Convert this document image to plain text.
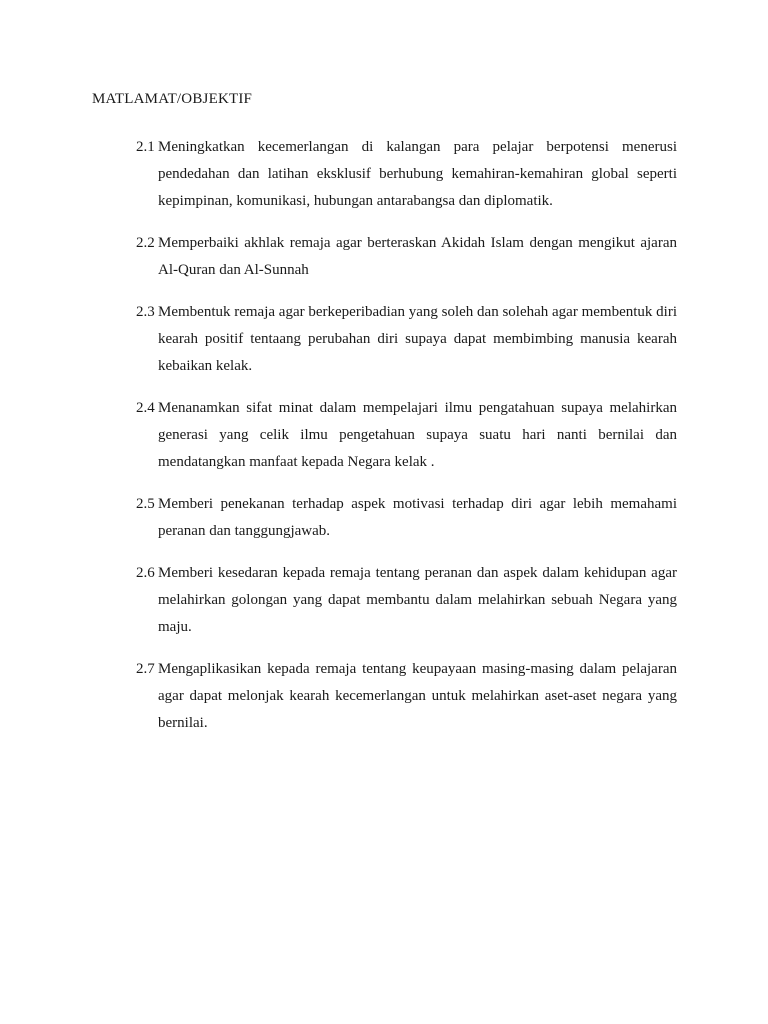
MATLAMAT/OBJEKTIF
2.1 Meningkatkan kecemerlangan di kalangan para pelajar berpotensi menerusi pendedahan dan latihan eksklusif berhubung kemahiran-kemahiran global seperti kepimpinan, komunikasi, hubungan antarabangsa dan diplomatik.
2.2 Memperbaiki akhlak remaja agar berteraskan Akidah Islam dengan mengikut ajaran Al-Quran dan Al-Sunnah
2.3 Membentuk remaja agar berkeperibadian yang soleh dan solehah agar membentuk diri kearah positif tentaang perubahan diri supaya dapat membimbing manusia kearah kebaikan kelak.
2.4 Menanamkan sifat minat dalam mempelajari ilmu pengatahuan supaya melahirkan generasi yang celik ilmu pengetahuan supaya suatu hari nanti bernilai dan mendatangkan manfaat kepada Negara kelak .
2.5 Memberi penekanan terhadap aspek motivasi terhadap diri agar lebih memahami peranan dan tanggungjawab.
2.6 Memberi kesedaran kepada remaja tentang peranan dan aspek dalam kehidupan agar melahirkan golongan yang dapat membantu dalam melahirkan sebuah Negara yang maju.
2.7 Mengaplikasikan kepada remaja tentang keupayaan masing-masing dalam pelajaran agar dapat melonjak kearah kecemerlangan untuk melahirkan aset-aset negara yang bernilai.
